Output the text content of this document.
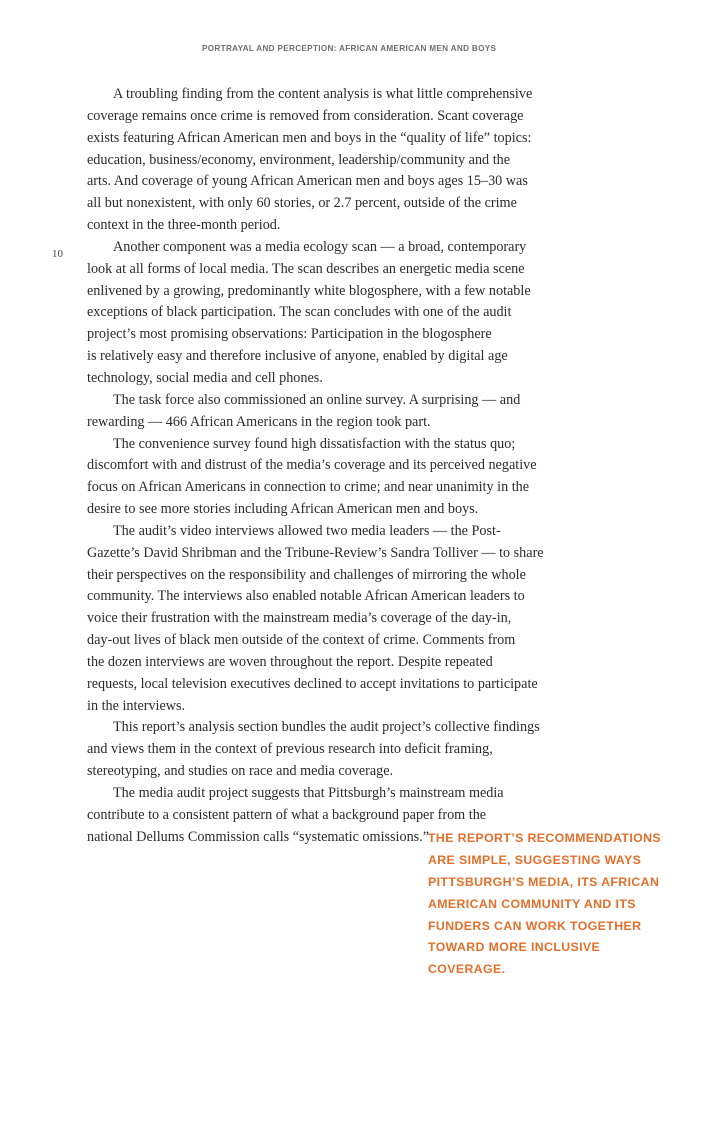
PORTRAYAL AND PERCEPTION: AFRICAN AMERICAN MEN AND BOYS
10
A troubling finding from the content analysis is what little comprehensive
coverage remains once crime is removed from consideration. Scant coverage
exists featuring African American men and boys in the “quality of life” topics:
education, business/economy, environment, leadership/community and the
arts. And coverage of young African American men and boys ages 15–30 was
all but nonexistent, with only 60 stories, or 2.7 percent, outside of the crime
context in the three-month period.
Another component was a media ecology scan — a broad, contemporary
look at all forms of local media. The scan describes an energetic media scene
enlivened by a growing, predominantly white blogosphere, with a few notable
exceptions of black participation. The scan concludes with one of the audit
project’s most promising observations: Participation in the blogosphere
is relatively easy and therefore inclusive of anyone, enabled by digital age
technology, social media and cell phones.
The task force also commissioned an online survey. A surprising — and
rewarding — 466 African Americans in the region took part.
The convenience survey found high dissatisfaction with the status quo;
discomfort with and distrust of the media’s coverage and its perceived negative
focus on African Americans in connection to crime; and near unanimity in the
desire to see more stories including African American men and boys.
The audit’s video interviews allowed two media leaders — the Post-
Gazette’s David Shribman and the Tribune-Review’s Sandra Tolliver — to share
their perspectives on the responsibility and challenges of mirroring the whole
community. The interviews also enabled notable African American leaders to
voice their frustration with the mainstream media’s coverage of the day-in,
day-out lives of black men outside of the context of crime. Comments from
the dozen interviews are woven throughout the report. Despite repeated
requests, local television executives declined to accept invitations to participate
in the interviews.
This report’s analysis section bundles the audit project’s collective findings
and views them in the context of previous research into deficit framing,
stereotyping, and studies on race and media coverage.
The media audit project suggests that Pittsburgh’s mainstream media
contribute to a consistent pattern of what a background paper from the
national Dellums Commission calls “systematic omissions.”
THE REPORT’S RECOMMENDATIONS
ARE SIMPLE, SUGGESTING WAYS
PITTSBURGH’S MEDIA, ITS AFRICAN
AMERICAN COMMUNITY AND ITS
FUNDERS CAN WORK TOGETHER
TOWARD MORE INCLUSIVE
COVERAGE.
